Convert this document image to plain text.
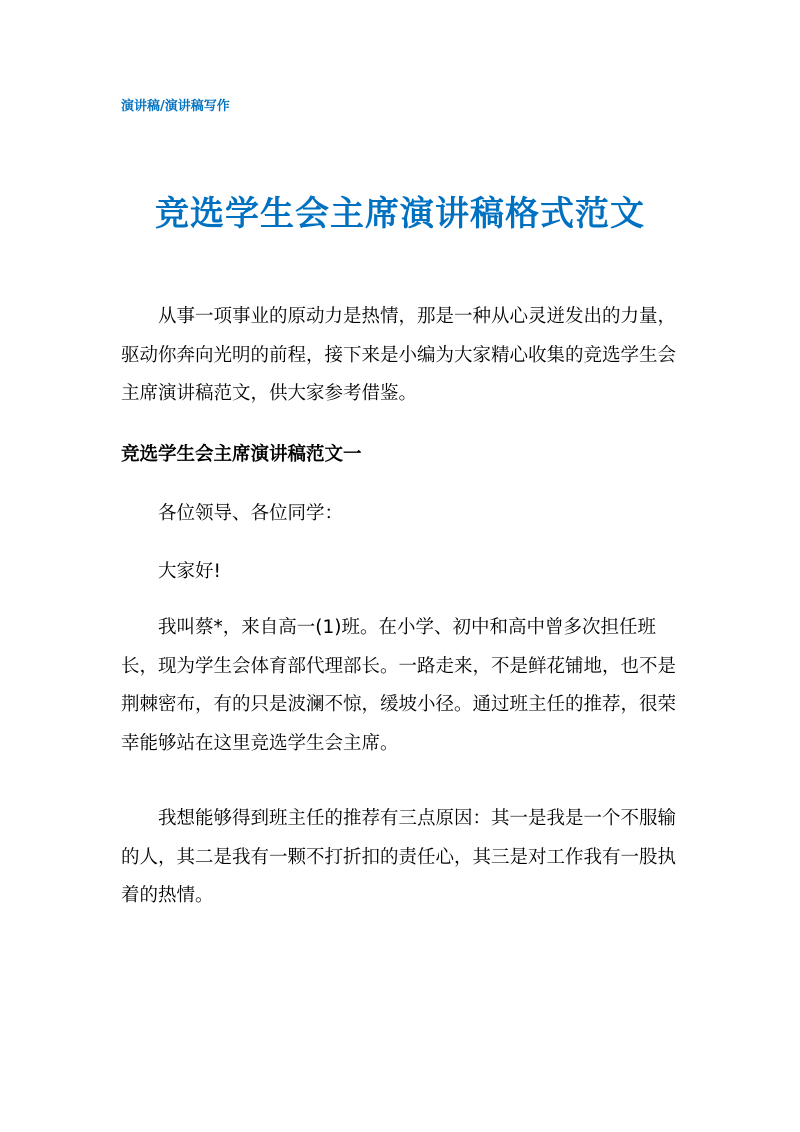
演讲稿/演讲稿写作
竞选学生会主席演讲稿格式范文

从事一项事业的原动力是热情，那是一种从心灵迸发出的力量，驱动你奔向光明的前程，接下来是小编为大家精心收集的竞选学生会主席演讲稿范文，供大家参考借鉴。

竞选学生会主席演讲稿范文一

各位领导、各位同学：

大家好!

我叫蔡*，来自高一(1)班。在小学、初中和高中曾多次担任班长，现为学生会体育部代理部长。一路走来，不是鲜花铺地，也不是荆棘密布，有的只是波澜不惊，缓坡小径。通过班主任的推荐，很荣幸能够站在这里竞选学生会主席。

我想能够得到班主任的推荐有三点原因：其一是我是一个不服输的人，其二是我有一颗不打折扣的责任心，其三是对工作我有一股执着的热情。
